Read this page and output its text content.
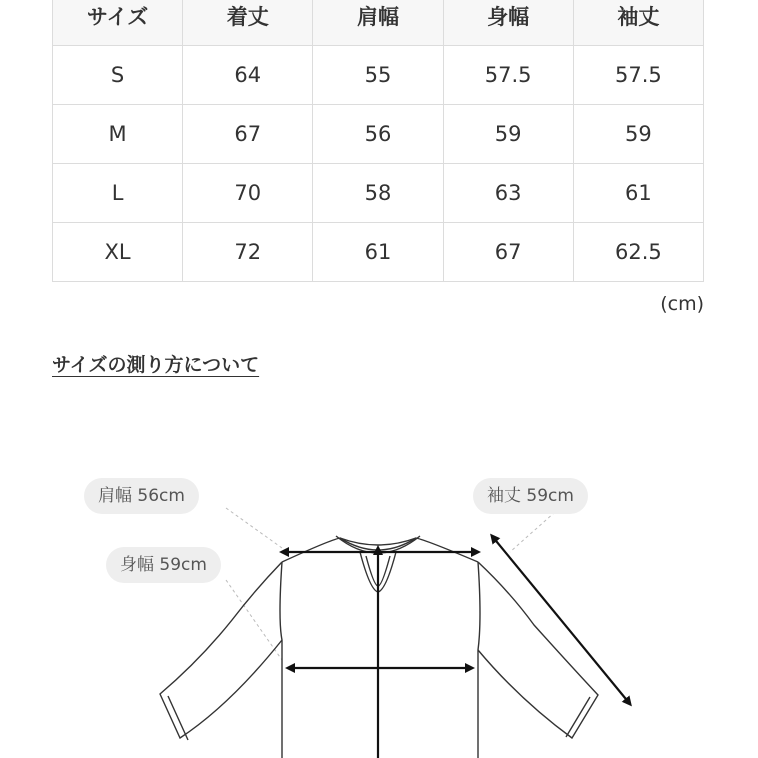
サイズ	着丈	肩幅	身幅	袖丈
S	64	55	57.5	57.5
M	67	56	59	59
L	70	58	63	61
XL	72	61	67	62.5
(cm)
サイズの測り方について
肩幅 56cm	袖丈 59cm
身幅 59cm
